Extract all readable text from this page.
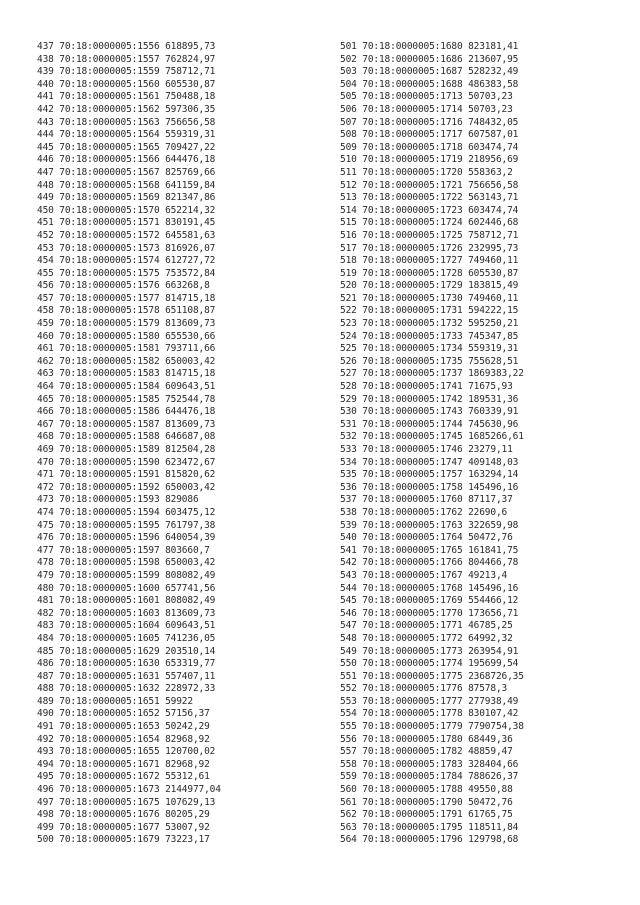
437 70:18:0000005:1556 618895,73
438 70:18:0000005:1557 762824,97
439 70:18:0000005:1559 758712,71
440 70:18:0000005:1560 605530,87
441 70:18:0000005:1561 750488,18
442 70:18:0000005:1562 597306,35
443 70:18:0000005:1563 756656,58
444 70:18:0000005:1564 559319,31
445 70:18:0000005:1565 709427,22
446 70:18:0000005:1566 644476,18
447 70:18:0000005:1567 825769,66
448 70:18:0000005:1568 641159,84
449 70:18:0000005:1569 821347,86
450 70:18:0000005:1570 652214,32
451 70:18:0000005:1571 830191,45
452 70:18:0000005:1572 645581,63
453 70:18:0000005:1573 816926,07
454 70:18:0000005:1574 612727,72
455 70:18:0000005:1575 753572,84
456 70:18:0000005:1576 663268,8
457 70:18:0000005:1577 814715,18
458 70:18:0000005:1578 651108,87
459 70:18:0000005:1579 813609,73
460 70:18:0000005:1580 655530,66
461 70:18:0000005:1581 793711,66
462 70:18:0000005:1582 650003,42
463 70:18:0000005:1583 814715,18
464 70:18:0000005:1584 609643,51
465 70:18:0000005:1585 752544,78
466 70:18:0000005:1586 644476,18
467 70:18:0000005:1587 813609,73
468 70:18:0000005:1588 646687,08
469 70:18:0000005:1589 812504,28
470 70:18:0000005:1590 623472,67
471 70:18:0000005:1591 815820,62
472 70:18:0000005:1592 650003,42
473 70:18:0000005:1593 829086
474 70:18:0000005:1594 603475,12
475 70:18:0000005:1595 761797,38
476 70:18:0000005:1596 640054,39
477 70:18:0000005:1597 803660,7
478 70:18:0000005:1598 650003,42
479 70:18:0000005:1599 808082,49
480 70:18:0000005:1600 657741,56
481 70:18:0000005:1601 808082,49
482 70:18:0000005:1603 813609,73
483 70:18:0000005:1604 609643,51
484 70:18:0000005:1605 741236,05
485 70:18:0000005:1629 203510,14
486 70:18:0000005:1630 653319,77
487 70:18:0000005:1631 557407,11
488 70:18:0000005:1632 228972,33
489 70:18:0000005:1651 59922
490 70:18:0000005:1652 57156,37
491 70:18:0000005:1653 50242,29
492 70:18:0000005:1654 82968,92
493 70:18:0000005:1655 120700,02
494 70:18:0000005:1671 82968,92
495 70:18:0000005:1672 55312,61
496 70:18:0000005:1673 2144977,04
497 70:18:0000005:1675 107629,13
498 70:18:0000005:1676 80205,29
499 70:18:0000005:1677 53007,92
500 70:18:0000005:1679 73223,17
501 70:18:0000005:1680 823181,41
502 70:18:0000005:1686 213607,95
503 70:18:0000005:1687 528232,49
504 70:18:0000005:1688 486383,58
505 70:18:0000005:1713 50703,23
506 70:18:0000005:1714 50703,23
507 70:18:0000005:1716 748432,05
508 70:18:0000005:1717 607587,01
509 70:18:0000005:1718 603474,74
510 70:18:0000005:1719 218956,69
511 70:18:0000005:1720 558363,2
512 70:18:0000005:1721 756656,58
513 70:18:0000005:1722 563143,71
514 70:18:0000005:1723 603474,74
515 70:18:0000005:1724 602446,68
516 70:18:0000005:1725 758712,71
517 70:18:0000005:1726 232995,73
518 70:18:0000005:1727 749460,11
519 70:18:0000005:1728 605530,87
520 70:18:0000005:1729 183815,49
521 70:18:0000005:1730 749460,11
522 70:18:0000005:1731 594222,15
523 70:18:0000005:1732 595250,21
524 70:18:0000005:1733 745347,85
525 70:18:0000005:1734 559319,31
526 70:18:0000005:1735 755628,51
527 70:18:0000005:1737 1869383,22
528 70:18:0000005:1741 71675,93
529 70:18:0000005:1742 189531,36
530 70:18:0000005:1743 760339,91
531 70:18:0000005:1744 745630,96
532 70:18:0000005:1745 1685266,61
533 70:18:0000005:1746 23279,11
534 70:18:0000005:1747 409148,03
535 70:18:0000005:1757 163294,14
536 70:18:0000005:1758 145496,16
537 70:18:0000005:1760 87117,37
538 70:18:0000005:1762 22690,6
539 70:18:0000005:1763 322659,98
540 70:18:0000005:1764 50472,76
541 70:18:0000005:1765 161841,75
542 70:18:0000005:1766 804466,78
543 70:18:0000005:1767 49213,4
544 70:18:0000005:1768 145496,16
545 70:18:0000005:1769 554466,12
546 70:18:0000005:1770 173656,71
547 70:18:0000005:1771 46785,25
548 70:18:0000005:1772 64992,32
549 70:18:0000005:1773 263954,91
550 70:18:0000005:1774 195699,54
551 70:18:0000005:1775 2368726,35
552 70:18:0000005:1776 87578,3
553 70:18:0000005:1777 277938,49
554 70:18:0000005:1778 830107,42
555 70:18:0000005:1779 7790754,38
556 70:18:0000005:1780 68449,36
557 70:18:0000005:1782 48859,47
558 70:18:0000005:1783 328404,66
559 70:18:0000005:1784 788626,37
560 70:18:0000005:1788 49550,88
561 70:18:0000005:1790 50472,76
562 70:18:0000005:1791 61765,75
563 70:18:0000005:1795 118511,84
564 70:18:0000005:1796 129798,68
